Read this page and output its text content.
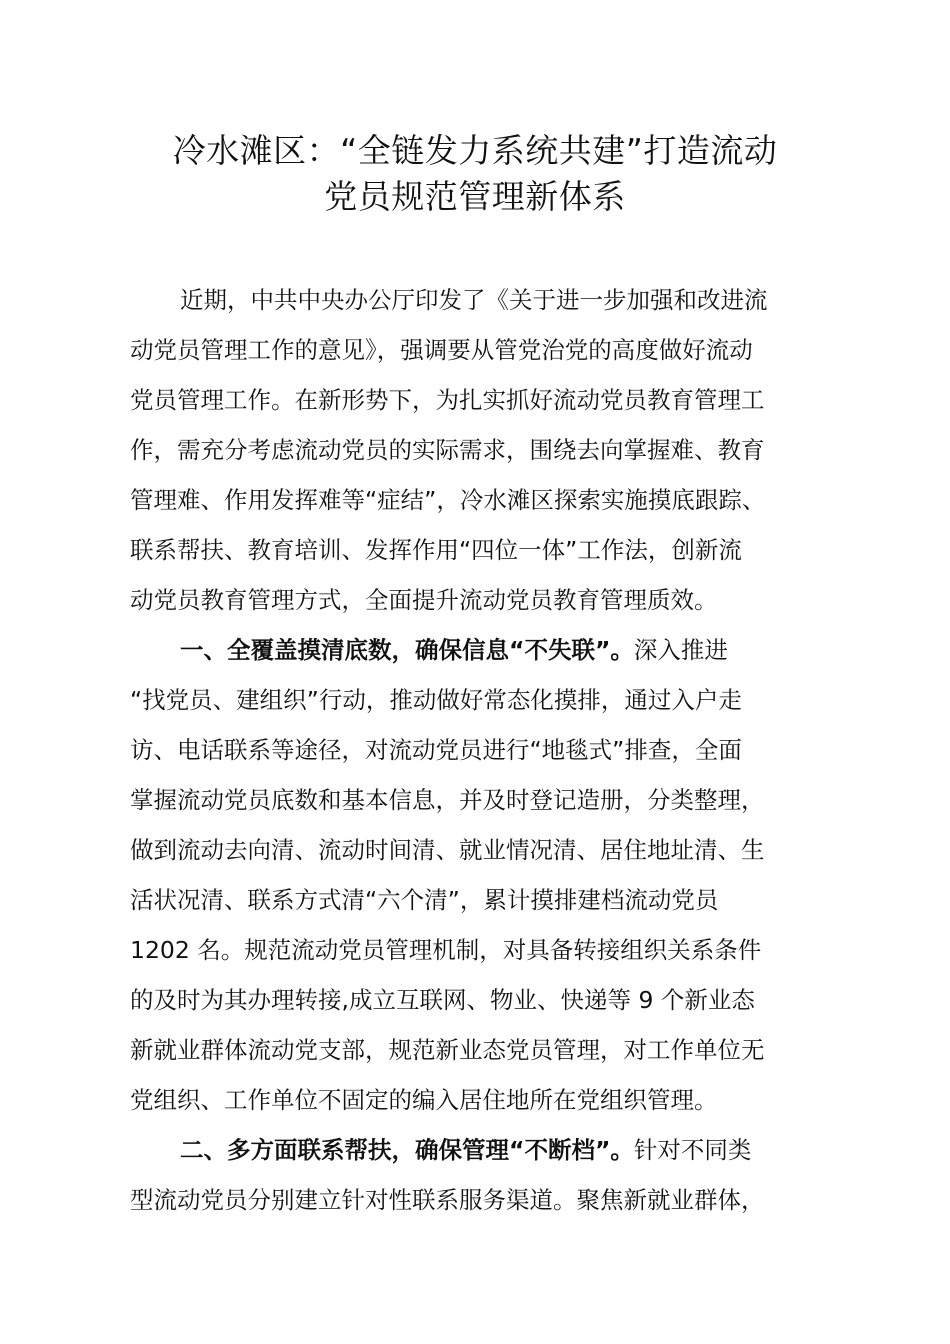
冷水滩区：“全链发力系统共建”打造流动
党员规范管理新体系
近期，中共中央办公厅印发了《关于进一步加强和改进流
动党员管理工作的意见》，强调要从管党治党的高度做好流动
党员管理工作。在新形势下，为扎实抓好流动党员教育管理工
作，需充分考虑流动党员的实际需求，围绕去向掌握难、教育
管理难、作用发挥难等“症结”，冷水滩区探索实施摸底跟踪、
联系帮扶、教育培训、发挥作用“四位一体”工作法，创新流
动党员教育管理方式，全面提升流动党员教育管理质效。
一、全覆盖摸清底数，确保信息“不失联”。深入推进
“找党员、建组织”行动，推动做好常态化摸排，通过入户走
访、电话联系等途径，对流动党员进行“地毯式”排查，全面
掌握流动党员底数和基本信息，并及时登记造册，分类整理，
做到流动去向清、流动时间清、就业情况清、居住地址清、生
活状况清、联系方式清“六个清”，累计摸排建档流动党员
1202 名。规范流动党员管理机制，对具备转接组织关系条件
的及时为其办理转接,成立互联网、物业、快递等 9 个新业态
新就业群体流动党支部，规范新业态党员管理，对工作单位无
党组织、工作单位不固定的编入居住地所在党组织管理。
二、多方面联系帮扶，确保管理“不断档”。针对不同类
型流动党员分别建立针对性联系服务渠道。聚焦新就业群体，
